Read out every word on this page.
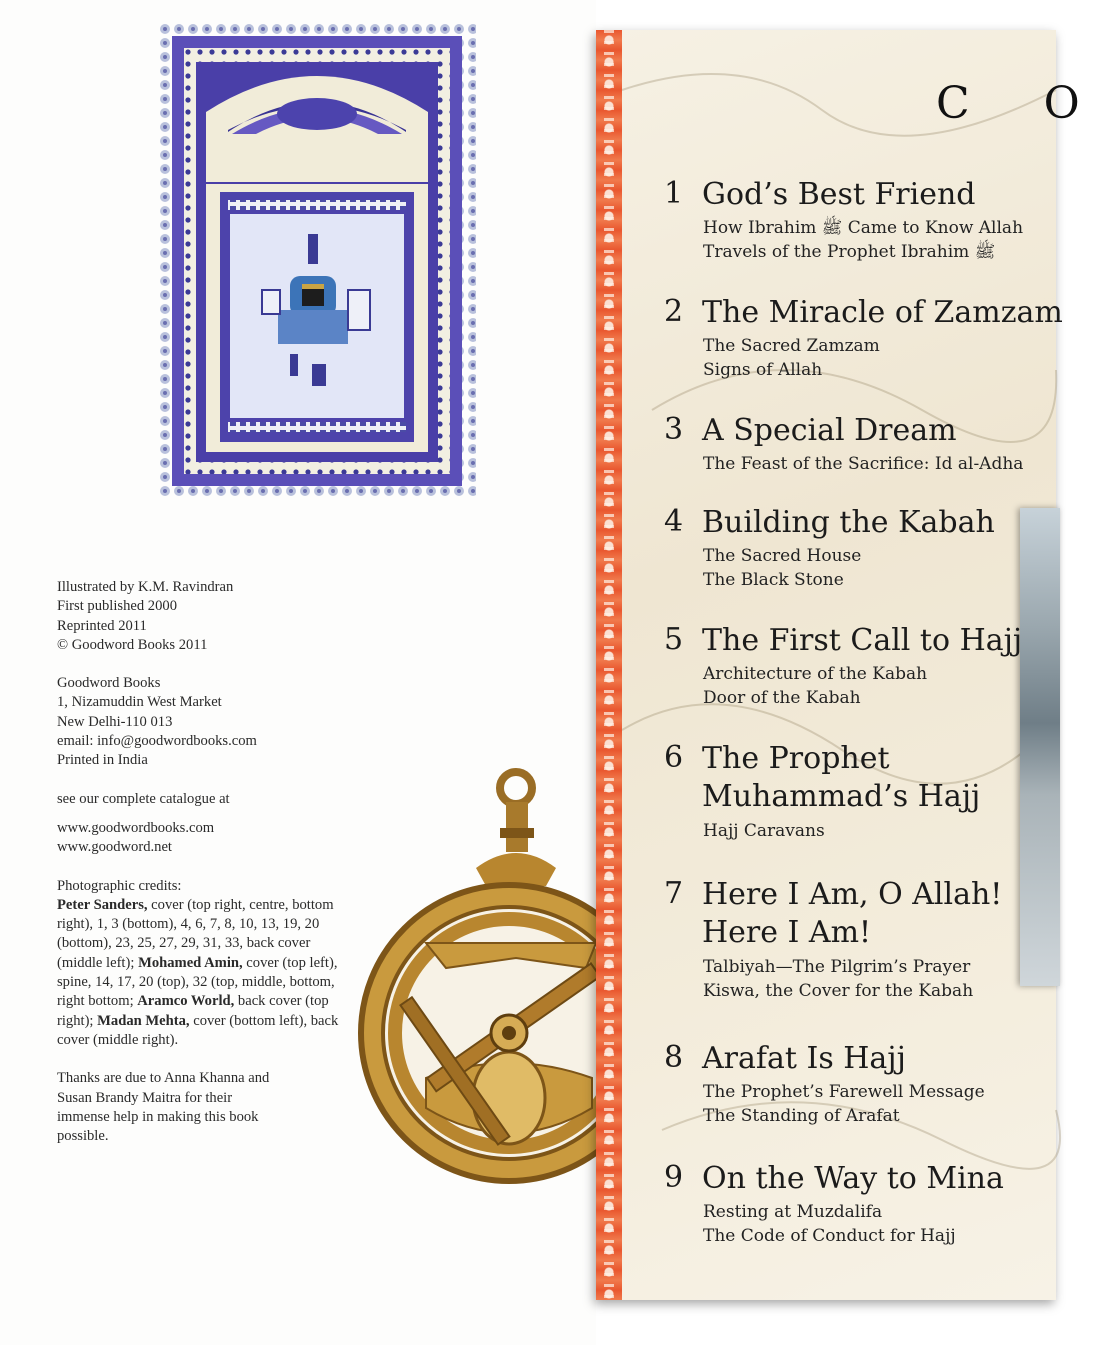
Illustrated by K.M. Ravindran
First published 2000
Reprinted 2011
© Goodword Books 2011
Goodword Books
1, Nizamuddin West Market
New Delhi-110 013
email: info@goodwordbooks.com
Printed in India
see our complete catalogue at
www.goodwordbooks.com
www.goodword.net
Photographic credits:
Peter Sanders, cover (top right, centre, bottom right), 1, 3 (bottom), 4, 6, 7, 8, 10, 13, 19, 20 (bottom), 23, 25, 27, 29, 31, 33, back cover (middle left); Mohamed Amin, cover (top left), spine, 14, 17, 20 (top), 32 (top, middle, bottom, right bottom; Aramco World, back cover (top right); Madan Mehta, cover (bottom left), back cover (middle right).
Thanks are due to Anna Khanna and
Susan Brandy Maitra for their
immense help in making this book
possible.
C O
1 God’s Best Friend
How Ibrahim ﷺ Came to Know Allah
Travels of the Prophet Ibrahim ﷺ
2 The Miracle of Zamzam
The Sacred Zamzam
Signs of Allah
3 A Special Dream
The Feast of the Sacrifice: Id al-Adha
4 Building the Kabah
The Sacred House
The Black Stone
5 The First Call to Hajj
Architecture of the Kabah
Door of the Kabah
6 The Prophet
Muhammad’s Hajj
Hajj Caravans
7 Here I Am, O Allah!
Here I Am!
Talbiyah—The Pilgrim’s Prayer
Kiswa, the Cover for the Kabah
8 Arafat Is Hajj
The Prophet’s Farewell Message
The Standing of Arafat
9 On the Way to Mina
Resting at Muzdalifa
The Code of Conduct for Hajj
